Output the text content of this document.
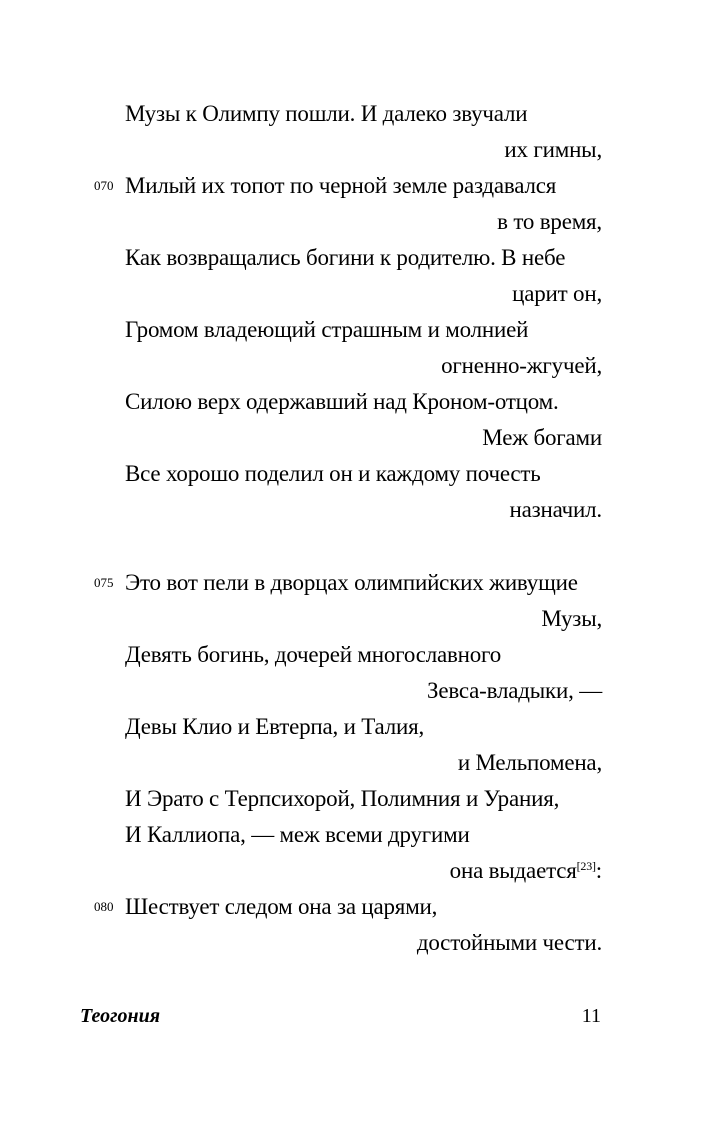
Музы к Олимпу пошли. И далеко звучали
их гимны,
070 Милый их топот по черной земле раздавался
в то время,
Как возвращались богини к родителю. В небе
царит он,
Громом владеющий страшным и молнией
огненно-жгучей,
Силою верх одержавший над Кроном-отцом.
Меж богами
Все хорошо поделил он и каждому почесть
назначил.
075 Это вот пели в дворцах олимпийских живущие
Музы,
Девять богинь, дочерей многославного
Зевса-владыки, —
Девы Клио и Евтерпа, и Талия,
и Мельпомена,
И Эрато с Терпсихорой, Полимния и Урания,
И Каллиопа, — меж всеми другими
она выдается[23]:
080 Шествует следом она за царями,
достойными чести.
Теогония	11
